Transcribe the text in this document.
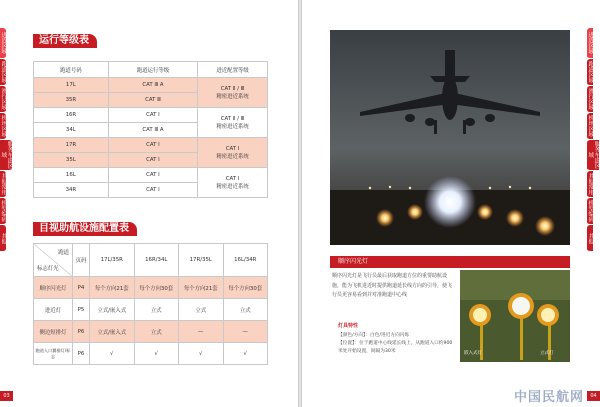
进近区域
跑道区域
滑行区域
机坪区域
服务车道区域
其他常用
机型编码
其他
03
运行等级表
跑道号码	跑道运行等级	进近配置等级
17L	CAT Ⅲ A	CAT Ⅱ / Ⅲ
精密进近系统

35R	CAT Ⅲ	
16R	CAT Ⅰ	CAT Ⅱ / Ⅲ
精密进近系统

34L	CAT Ⅲ A	
17R	CAT Ⅰ	CAT Ⅰ
精密进近系统

35L	CAT Ⅰ	
16L	CAT Ⅰ	CAT Ⅰ
精密进近系统

34R	CAT Ⅰ	
目视助航设施配置表
跑道
标志灯光	页码	17L/35R	16R/34L	17R/35L	16L/34R
顺序闪光灯	P4	每个方向21套	每个方向30套	每个方向21套	每个方向30套
进近灯	P5	立式/嵌入式	立式	立式	立式
侧边短排灯	P6	立式/嵌入式	立式	—	—
跑道入口翼排灯/标志	P6	√	√	√	√
进近区域
跑道区域
滑行区域
机坪区域
服务车道区域
其他常用
机型编码
其他
04
顺序闪光灯
顺序闪光灯是飞行员最后获取跑道方位的重要助航设施，能为飞机进近时提供跑道延长线方向的引导，使飞行员更容易看到并对准跑道中心线
灯具特性
【颜色/方向】：白色/进近方向闪烁
【位置】：位于跑道中心线延长线上，从跑道入口约900米处开始设置，间隔为30米	嵌入式灯	立式灯
中国民航网
